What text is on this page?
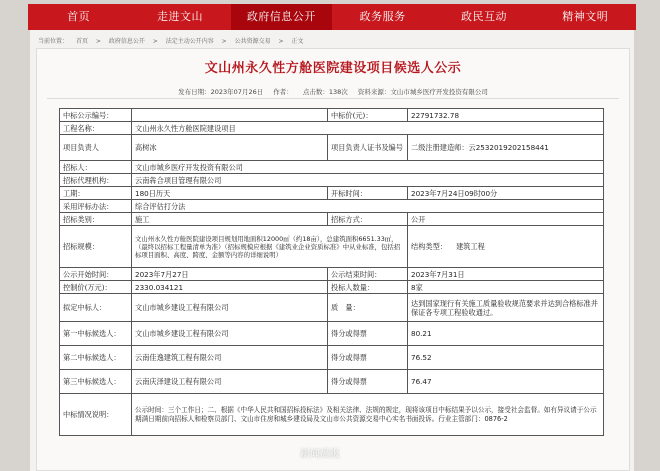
首页	走进文山	政府信息公开	政务服务	政民互动	精神文明
当前位置： 首页 > 政府信息公开 > 法定主动公开内容 > 公共资源交易 > 正文
文山州永久性方舱医院建设项目候选人公示
发布日期：2023年07月26日 作者： 点击数：138次 资料来源：文山市城乡医疗开发投资有限公司
中标公示编号：		中标价(元)：	22791732.78
工程名称：	文山州永久性方舱医院建设项目		
项目负责人	高树冰	项目负责人证书及编号	二级注册建造师：云2532019202158441
招标人：	文山市城乡医疗开发投资有限公司		
招标代理机构：	云南犇合项目管理有限公司		
工期：	180日历天	开标时间：	2023年7月24日09时00分
采用评标办法：	综合评估打分法		
招标类别：	施工	招标方式：	公开
招标规模：	文山州永久性方舱医院建设项目规划用地面积12000㎡（约18亩），总建筑面积6651.33㎡，（最终以招标工程量清单为准）（招标规模应根据《建筑业企业资质标准》中从业标准，包括招标项目面积、高度、跨度、金额等内容的详细说明）		结构类型： 建筑工程
公示开始时间：	2023年7月27日	公示结束时间：	2023年7月31日
控制价(万元)：	2330.034121	投标人数量：	8家
拟定中标人：	文山市城乡建设工程有限公司	质　量：	达到国家现行有关施工质量验收规范要求并达到合格标准并保证各专项工程验收通过。
第一中标候选人：	文山市城乡建设工程有限公司	得分或得票	80.21
第二中标候选人：	云南佳逸建筑工程有限公司	得分或得票	76.52
第三中标候选人：	云南庆泽建设工程有限公司	得分或得票	76.47
中标情况说明：	公示时间：三个工作日；二、根据《中华人民共和国招标投标法》及相关法律、法规的规定，现将该项目中标结果予以公示，接受社会监督。如有异议请于公示期满日期前向招标人和检察员部门、文山市住房和城乡建设局及文山市公共资源交易中心实名书面投诉。行业主管部门：0876-2		
新闻晨报
